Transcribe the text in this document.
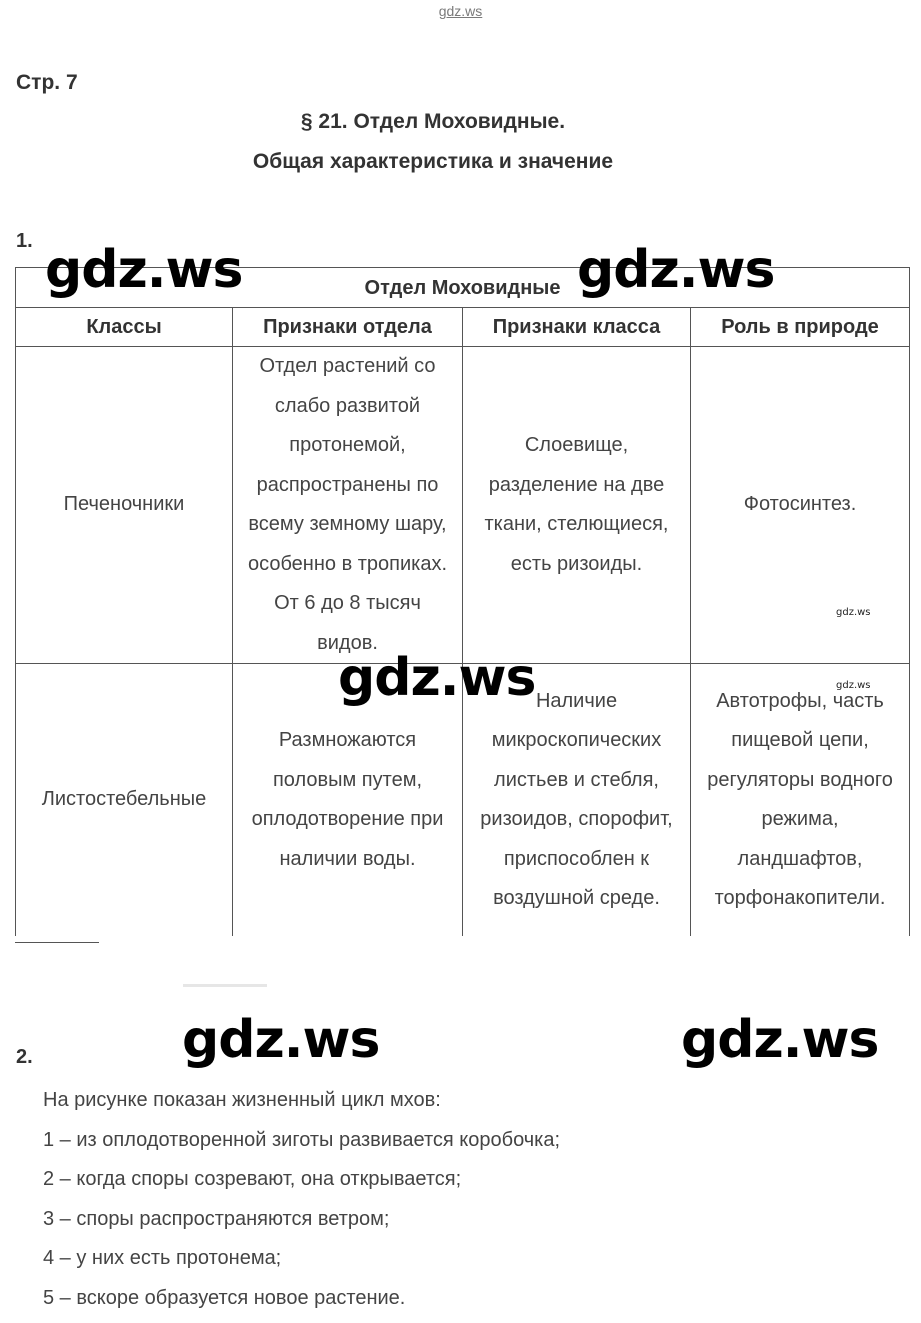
gdz.ws
Стр. 7
§ 21. Отдел Моховидные.
Общая характеристика и значение
1.
Отдел Моховидные			
Классы	Признаки отдела	Признаки класса	Роль в природе
Печеночники	Отдел растений со слабо развитой протонемой, распространены по всему земному шару, особенно в тропиках. От 6 до 8 тысяч видов.	Слоевище, разделение на две ткани, стелющиеся, есть ризоиды.	Фотосинтез.
Листостебельные	Размножаются половым путем, оплодотворение при наличии воды.	Наличие микроскопических листьев и стебля, ризоидов, спорофит, приспособлен к воздушной среде.	Автотрофы, часть пищевой цепи, регуляторы водного режима, ландшафтов, торфонакопители.
2.
На рисунке показан жизненный цикл мхов:
1 – из оплодотворенной зиготы развивается коробочка;
2 – когда споры созревают, она открывается;
3 – споры распространяются ветром;
4 – у них есть протонема;
5 – вскоре образуется новое растение.
gdz.ws	gdz.ws
gdz.ws
gdz.ws	gdz.ws
gdz.ws
gdz.ws
